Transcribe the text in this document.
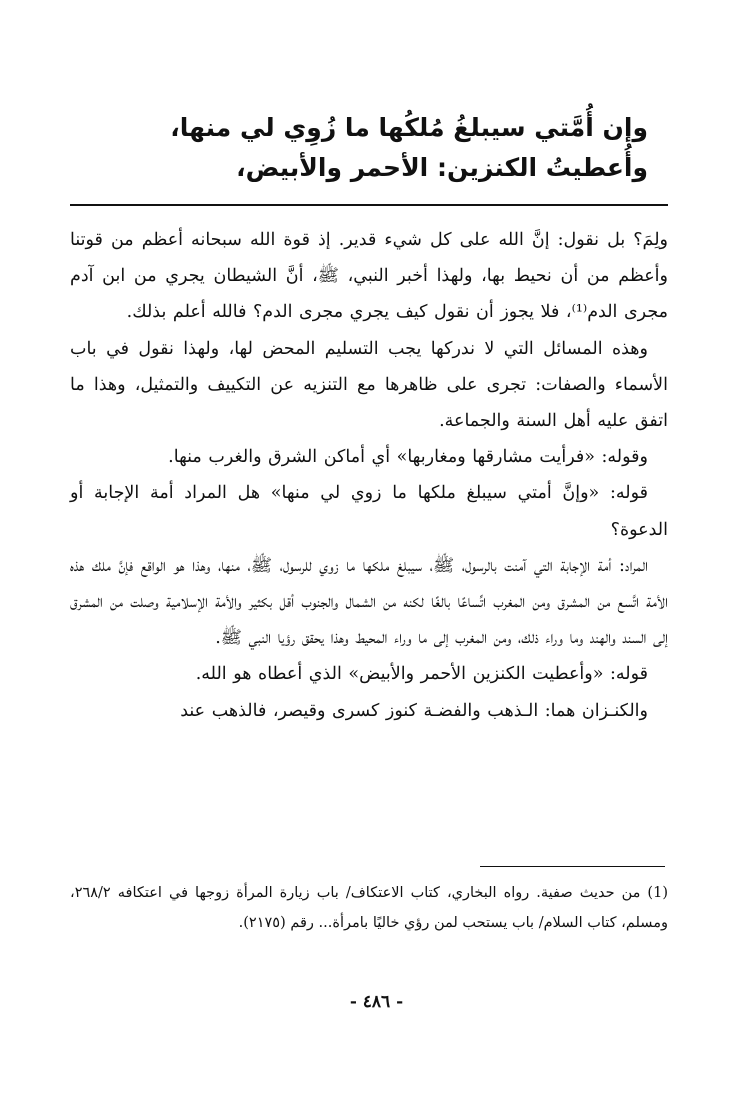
وإن أُمَّتي سيبلغُ مُلكُها ما زُوِي لي منها،
وأُعطيتُ الكنزين: الأحمر والأبيض،

ولِمَ؟ بل نقول: إنَّ الله على كل شيء قدير. إذ قوة الله سبحانه أعظم من قوتنا وأعظم من أن نحيط بها، ولهذا أخبر النبي، ﷺ، أنَّ الشيطان يجري من ابن آدم مجرى الدم⁽¹⁾، فلا يجوز أن نقول كيف يجري مجرى الدم؟ فالله أعلم بذلك.

وهذه المسائل التي لا ندركها يجب التسليم المحض لها، ولهذا نقول في باب الأسماء والصفات: تجرى على ظاهرها مع التنزيه عن التكييف والتمثيل، وهذا ما اتفق عليه أهل السنة والجماعة.

وقوله: «فرأيت مشارقها ومغاربها» أي أماكن الشرق والغرب منها.

قوله: «وإنَّ أمتي سيبلغ ملكها ما زوي لي منها» هل المراد أمة الإجابة أو الدعوة؟

المراد: أمة الإجابة التي آمنت بالرسول، ﷺ، سيبلغ ملكها ما زوي للرسول، ﷺ، منها، وهذا هو الواقع فإنَّ ملك هذه الأمة اتَّسع من المشرق ومن المغرب اتِّساعًا بالغًا لكنه من الشمال والجنوب أقل بكثير والأمة الإسلامية وصلت من المشرق إلى السند والهند وما وراء ذلك، ومن المغرب إلى ما وراء المحيط وهذا يحقق رؤيا النبي ﷺ.

قوله: «وأعطيت الكنزين الأحمر والأبيض» الذي أعطاه هو الله.

والكنـزان هما: الـذهب والفضـة كنوز كسرى وقيصر، فالذهب عند

(1) من حديث صفية. رواه البخاري، كتاب الاعتكاف/ باب زيارة المرأة زوجها في اعتكافه ٢٦٨/٢، ومسلم، كتاب السلام/ باب يستحب لمن رؤي خاليًا بامرأة... رقم (٢١٧٥).

- ٤٨٦ -
